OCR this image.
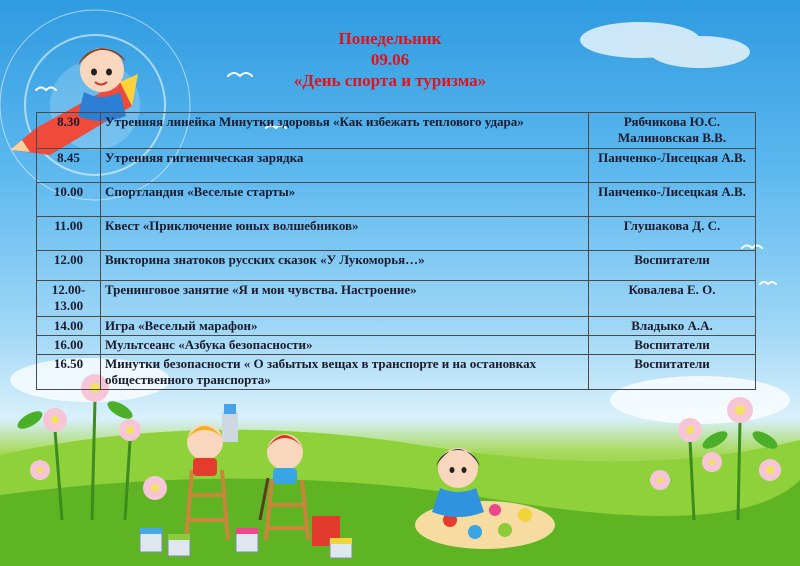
Понедельник
09.06
«День спорта и туризма»
8.30	Утренняя линейка Минутки здоровья «Как избежать теплового удара»	Рябчикова Ю.С. Малиновская В.В.
8.45	Утренняя гигиеническая зарядка	Панченко-Лисецкая А.В.
10.00	Спортландия «Веселые старты»	Панченко-Лисецкая А.В.
11.00	Квест «Приключение юных волшебников»	Глушакова Д. С.
12.00	Викторина знатоков русских сказок «У Лукоморья…»	Воспитатели
12.00-13.00	Тренинговое занятие «Я и мои чувства. Настроение»	Ковалева Е. О.
14.00	Игра «Веселый марафон»	Владыко А.А.
16.00	Мультсеанс «Азбука безопасности»	Воспитатели
16.50	Минутки безопасности « О забытых вещах в транспорте и на остановках общественного транспорта»	Воспитатели
